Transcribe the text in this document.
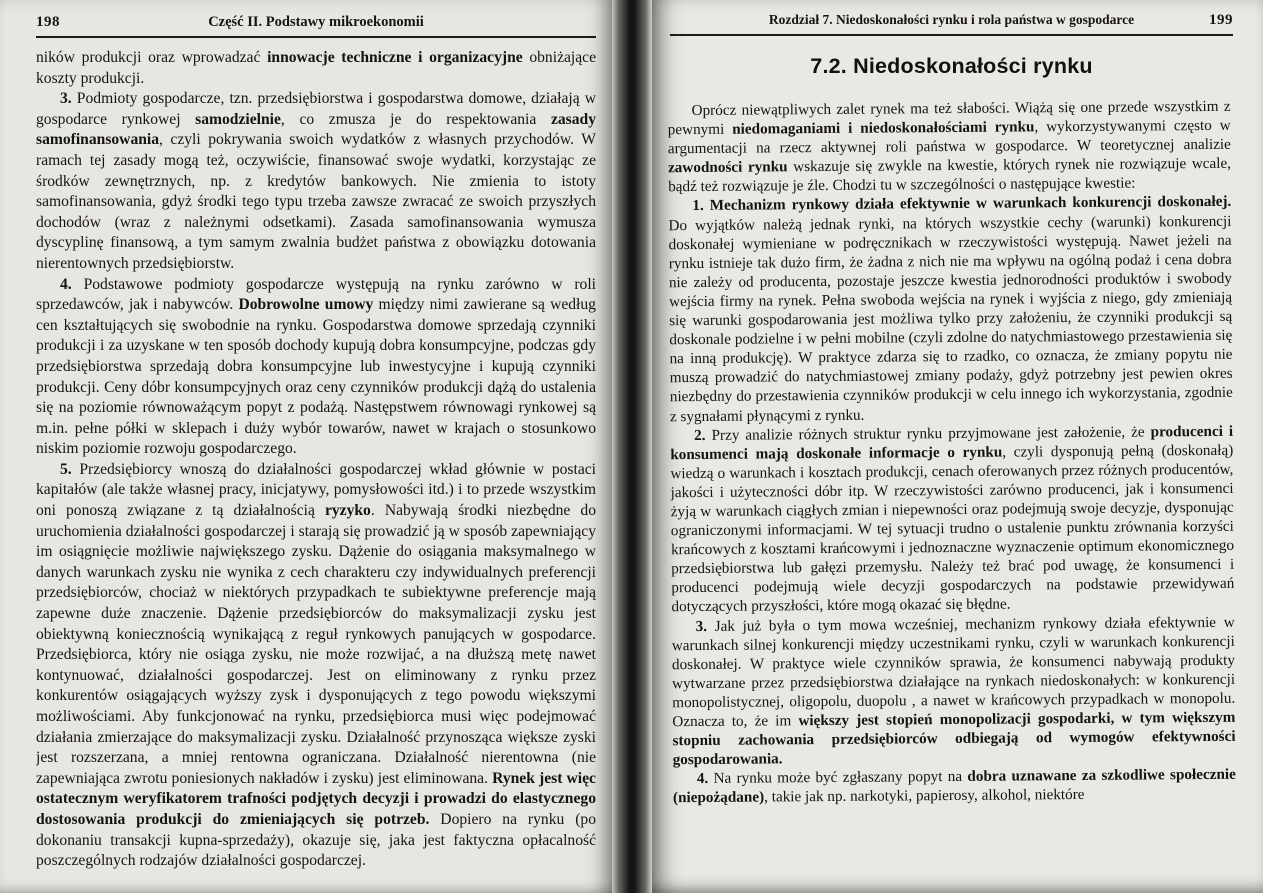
198	Część II. Podstawy mikroekonomii

ników produkcji oraz wprowadzać innowacje techniczne i organizacyjne obniżające koszty produkcji.

3. Podmioty gospodarcze, tzn. przedsiębiorstwa i gospodarstwa domowe, działają w gospodarce rynkowej samodzielnie, co zmusza je do respektowania zasady samofinansowania, czyli pokrywania swoich wydatków z własnych przychodów. W ramach tej zasady mogą też, oczywiście, finansować swoje wydatki, korzystając ze środków zewnętrznych, np. z kredytów bankowych. Nie zmienia to istoty samofinansowania, gdyż środki tego typu trzeba zawsze zwracać ze swoich przyszłych dochodów (wraz z należnymi odsetkami). Zasada samofinansowania wymusza dyscyplinę finansową, a tym samym zwalnia budżet państwa z obowiązku dotowania nierentownych przedsiębiorstw.

4. Podstawowe podmioty gospodarcze występują na rynku zarówno w roli sprzedawców, jak i nabywców. Dobrowolne umowy między nimi zawierane są według cen kształtujących się swobodnie na rynku. Gospodarstwa domowe sprzedają czynniki produkcji i za uzyskane w ten sposób dochody kupują dobra konsumpcyjne, podczas gdy przedsiębiorstwa sprzedają dobra konsumpcyjne lub inwestycyjne i kupują czynniki produkcji. Ceny dóbr konsumpcyjnych oraz ceny czynników produkcji dążą do ustalenia się na poziomie równoważącym popyt z podażą. Następstwem równowagi rynkowej są m.in. pełne półki w sklepach i duży wybór towarów, nawet w krajach o stosunkowo niskim poziomie rozwoju gospodarczego.

5. Przedsiębiorcy wnoszą do działalności gospodarczej wkład głównie w postaci kapitałów (ale także własnej pracy, inicjatywy, pomysłowości itd.) i to przede wszystkim oni ponoszą związane z tą działalnością ryzyko. Nabywają środki niezbędne do uruchomienia działalności gospodarczej i starają się prowadzić ją w sposób zapewniający im osiągnięcie możliwie największego zysku. Dążenie do osiągania maksymalnego w danych warunkach zysku nie wynika z cech charakteru czy indywidualnych preferencji przedsiębiorców, chociaż w niektórych przypadkach te subiektywne preferencje mają zapewne duże znaczenie. Dążenie przedsiębiorców do maksymalizacji zysku jest obiektywną koniecznością wynikającą z reguł rynkowych panujących w gospodarce. Przedsiębiorca, który nie osiąga zysku, nie może rozwijać, a na dłuższą metę nawet kontynuować, działalności gospodarczej. Jest on eliminowany z rynku przez konkurentów osiągających wyższy zysk i dysponujących z tego powodu większymi możliwościami. Aby funkcjonować na rynku, przedsiębiorca musi więc podejmować działania zmierzające do maksymalizacji zysku. Działalność przynosząca większe zyski jest rozszerzana, a mniej rentowna ograniczana. Działalność nierentowna (nie zapewniająca zwrotu poniesionych nakładów i zysku) jest eliminowana. Rynek jest więc ostatecznym weryfikatorem trafności podjętych decyzji i prowadzi do elastycznego dostosowania produkcji do zmieniających się potrzeb. Dopiero na rynku (po dokonaniu transakcji kupna-sprzedaży), okazuje się, jaka jest faktyczna opłacalność poszczególnych rodzajów działalności gospodarczej.

Rozdział 7. Niedoskonałości rynku i rola państwa w gospodarce	199
7.2. Niedoskonałości rynku

Oprócz niewątpliwych zalet rynek ma też słabości. Wiążą się one przede wszystkim z pewnymi niedomaganiami i niedoskonałościami rynku, wykorzystywanymi często w argumentacji na rzecz aktywnej roli państwa w gospodarce. W teoretycznej analizie zawodności rynku wskazuje się zwykle na kwestie, których rynek nie rozwiązuje wcale, bądź też rozwiązuje je źle. Chodzi tu w szczególności o następujące kwestie:

1. Mechanizm rynkowy działa efektywnie w warunkach konkurencji doskonałej. Do wyjątków należą jednak rynki, na których wszystkie cechy (warunki) konkurencji doskonałej wymieniane w podręcznikach w rzeczywistości występują. Nawet jeżeli na rynku istnieje tak dużo firm, że żadna z nich nie ma wpływu na ogólną podaż i cena dobra nie zależy od producenta, pozostaje jeszcze kwestia jednorodności produktów i swobody wejścia firmy na rynek. Pełna swoboda wejścia na rynek i wyjścia z niego, gdy zmieniają się warunki gospodarowania jest możliwa tylko przy założeniu, że czynniki produkcji są doskonale podzielne i w pełni mobilne (czyli zdolne do natychmiastowego przestawienia się na inną produkcję). W praktyce zdarza się to rzadko, co oznacza, że zmiany popytu nie muszą prowadzić do natychmiastowej zmiany podaży, gdyż potrzebny jest pewien okres niezbędny do przestawienia czynników produkcji w celu innego ich wykorzystania, zgodnie z sygnałami płynącymi z rynku.

2. Przy analizie różnych struktur rynku przyjmowane jest założenie, że producenci i konsumenci mają doskonałe informacje o rynku, czyli dysponują pełną (doskonałą) wiedzą o warunkach i kosztach produkcji, cenach oferowanych przez różnych producentów, jakości i użyteczności dóbr itp. W rzeczywistości zarówno producenci, jak i konsumenci żyją w warunkach ciągłych zmian i niepewności oraz podejmują swoje decyzje, dysponując ograniczonymi informacjami. W tej sytuacji trudno o ustalenie punktu zrównania korzyści krańcowych z kosztami krańcowymi i jednoznaczne wyznaczenie optimum ekonomicznego przedsiębiorstwa lub gałęzi przemysłu. Należy też brać pod uwagę, że konsumenci i producenci podejmują wiele decyzji gospodarczych na podstawie przewidywań dotyczących przyszłości, które mogą okazać się błędne.

3. Jak już była o tym mowa wcześniej, mechanizm rynkowy działa efektywnie w warunkach silnej konkurencji między uczestnikami rynku, czyli w warunkach konkurencji doskonałej. W praktyce wiele czynników sprawia, że konsumenci nabywają produkty wytwarzane przez przedsiębiorstwa działające na rynkach niedoskonałych: w konkurencji monopolistycznej, oligopolu, duopolu , a nawet w krańcowych przypadkach w monopolu. Oznacza to, że im większy jest stopień monopolizacji gospodarki, w tym większym stopniu zachowania przedsiębiorców odbiegają od wymogów efektywności gospodarowania.

4. Na rynku może być zgłaszany popyt na dobra uznawane za szkodliwe społecznie (niepożądane), takie jak np. narkotyki, papierosy, alkohol, niektóre
